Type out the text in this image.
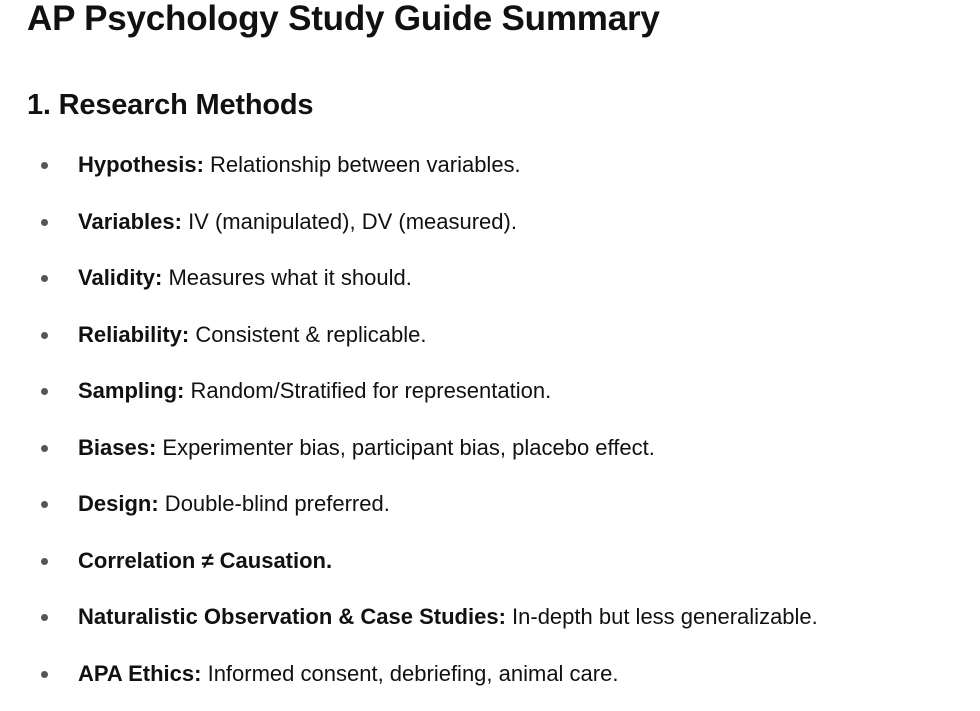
AP Psychology Study Guide Summary
1. Research Methods
Hypothesis: Relationship between variables.
Variables: IV (manipulated), DV (measured).
Validity: Measures what it should.
Reliability: Consistent & replicable.
Sampling: Random/Stratified for representation.
Biases: Experimenter bias, participant bias, placebo effect.
Design: Double-blind preferred.
Correlation ≠ Causation.
Naturalistic Observation & Case Studies: In-depth but less generalizable.
APA Ethics: Informed consent, debriefing, animal care.
